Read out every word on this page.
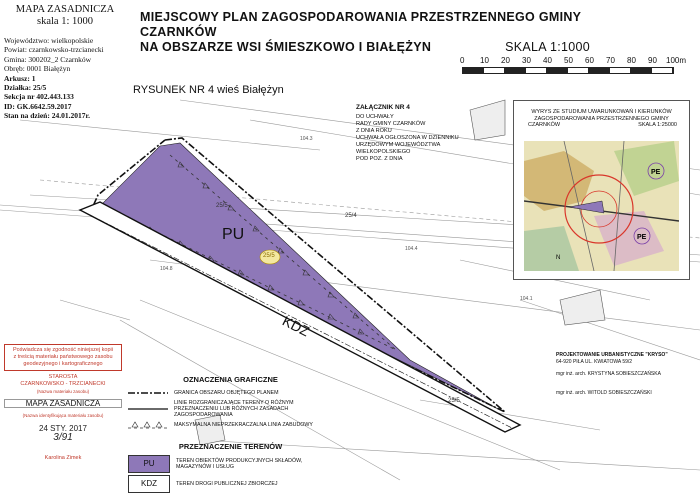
104.4
104.3
104.1
104.8
MAPA ZASADNICZA
skala 1: 1000
Województwo: wielkopolskie
Powiat: czarnkowsko-trzcianecki
Gmina: 300202_2 Czarnków
Obręb: 0001 Białężyn
Arkusz: 1
Działka: 25/5
Sekcja nr 402.443.133
ID: GK.6642.59.2017
Stan na dzień: 24.01.2017r.
MIEJSCOWY PLAN ZAGOSPODAROWANIA PRZESTRZENNEGO GMINY CZARNKÓW
NA OBSZARZE WSI ŚMIESZKOWO I BIAŁĘŻYN	SKALA 1:1000
0 10 20 30 40 50 60 70 80 90 100m
RYSUNEK NR 4 wieś Białężyn
ZAŁĄCZNIK NR 4
DO UCHWAŁY
RADY GMINY CZARNKÓW
Z DNIA ROKU
UCHWAŁA OGŁOSZONA W DZIENNIKU
URZĘDOWYM WOJEWÓDZTWA
WIELKOPOLSKIEGO
POD POZ. Z DNIA
WYRYS ZE STUDIUM UWARUNKOWAŃ I KIERUNKÓW
ZAGOSPODAROWANIA PRZESTRZENNEGO GMINY
CZARNKÓW	SKALA 1:25000
PE
PE
N
PU
KDZ
25/5
25/5
25/4
25/5
OZNACZENIA GRAFICZNE
GRANICA OBSZARU OBJĘTEGO PLANEM
LINIE ROZGRANICZAJĄCE TERENY O RÓŻNYM PRZEZNACZENIU LUB RÓŻNYCH ZASADACH ZAGOSPODAROWANIA
MAKSYMALNA NIEPRZEKRACZALNA LINIA ZABUDOWY
PRZEZNACZENIE TERENÓW
PU	TEREN OBIEKTÓW PRODUKCYJNYCH SKŁADÓW, MAGAZYNÓW I USŁUG
KDZ	TEREN DROGI PUBLICZNEJ ZBIORCZEJ
Poświadcza się zgodność niniejszej kopii
z treścią materiału państwowego zasobu
geodezyjnego i kartograficznego
STAROSTA
CZARNKOWSKO - TRZCIANECKI
(Nazwa materiału zasobu)
MAPA ZASADNICZA
(Nazwa identyfikująca materiału zasobu)
24 STY. 2017
3/91
Karolina Zimek
PROJEKTOWANIE URBANISTYCZNE "KRYSO"
64-920 PIŁA UL. KWIATOWA 59/2
mgr inż. arch. KRYSTYNA SOBIESZCZAŃSKA
mgr inż. arch. WITOLD SOBIESZCZAŃSKI
